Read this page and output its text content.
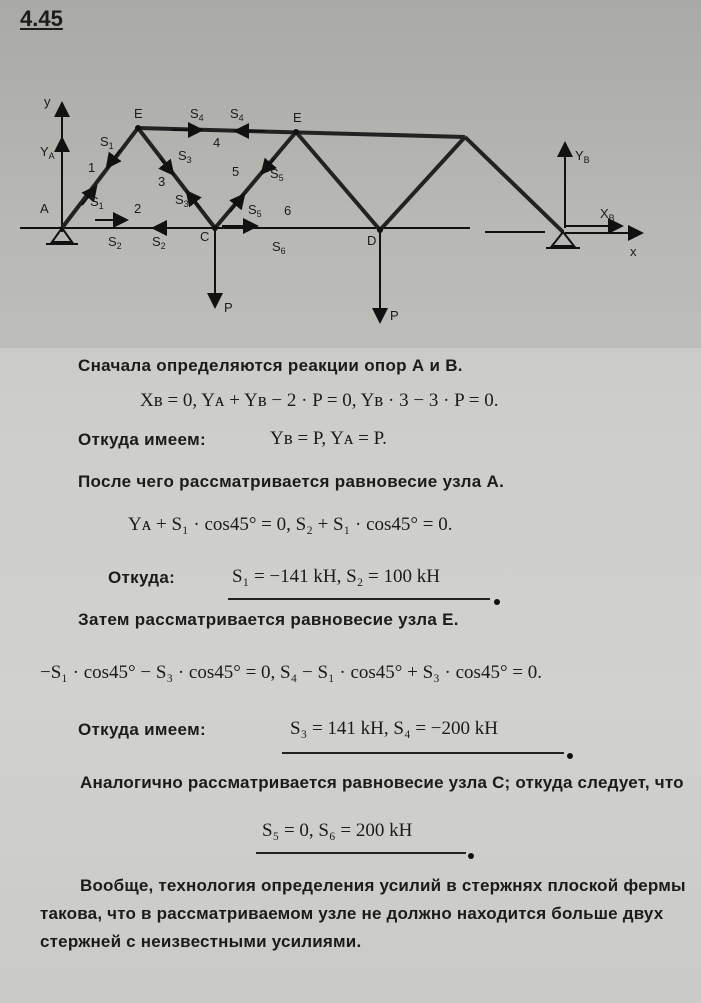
4.45
y
$Y_A$	$Y_B$
$X_B$
x
A
E	E
C	D
1
2
3
4
5
6
$S_1$
$S_1$
$S_2$ $S_2$
$S_3$
$S_3$
$S_4$ $S_4$
$S_5$
$S_5$
$S_6$
P
P
Сначала определяются реакции опор А и В.
Xʙ = 0, Yᴀ + Yʙ − 2 · P = 0, Yʙ · 3 − 3 · P = 0.
Откуда имеем:	Yʙ = P, Yᴀ = P.
После чего рассматривается равновесие узла А.
Yᴀ + S₁ · cos45° = 0, S₂ + S₁ · cos45° = 0.
Откуда:	S₁ = −141 kH, S₂ = 100 kH
Затем рассматривается равновесие узла Е.
−S₁ · cos45° − S₃ · cos45° = 0, S₄ − S₁ · cos45° + S₃ · cos45° = 0.
Откуда имеем:	S₃ = 141 kH, S₄ = −200 kH
Аналогично рассматривается равновесие узла С; откуда следует, что
S₅ = 0, S₆ = 200 kH
Вообще, технология определения усилий в стержнях плоской фермы такова, что в рассматриваемом узле не должно находится больше двух стержней с неизвестными усилиями.
